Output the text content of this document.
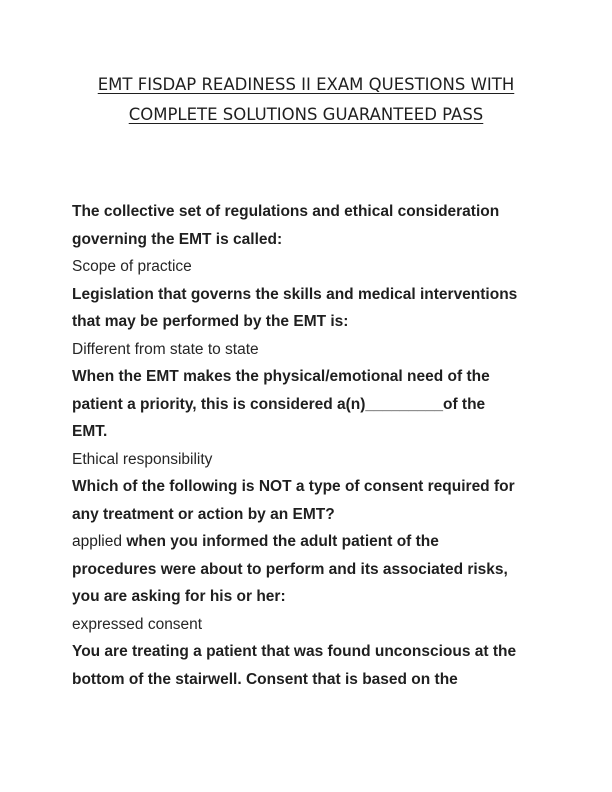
EMT FISDAP READINESS II EXAM QUESTIONS WITH
COMPLETE SOLUTIONS GUARANTEED PASS
The collective set of regulations and ethical consideration
governing the EMT is called:
Scope of practice
Legislation that governs the skills and medical interventions
that may be performed by the EMT is:
Different from state to state
When the EMT makes the physical/emotional need of the
patient a priority, this is considered a(n)_________of the
EMT.
Ethical responsibility
Which of the following is NOT a type of consent required for
any treatment or action by an EMT?
applied when you informed the adult patient of the
procedures were about to perform and its associated risks,
you are asking for his or her:
expressed consent
You are treating a patient that was found unconscious at the
bottom of the stairwell. Consent that is based on the
